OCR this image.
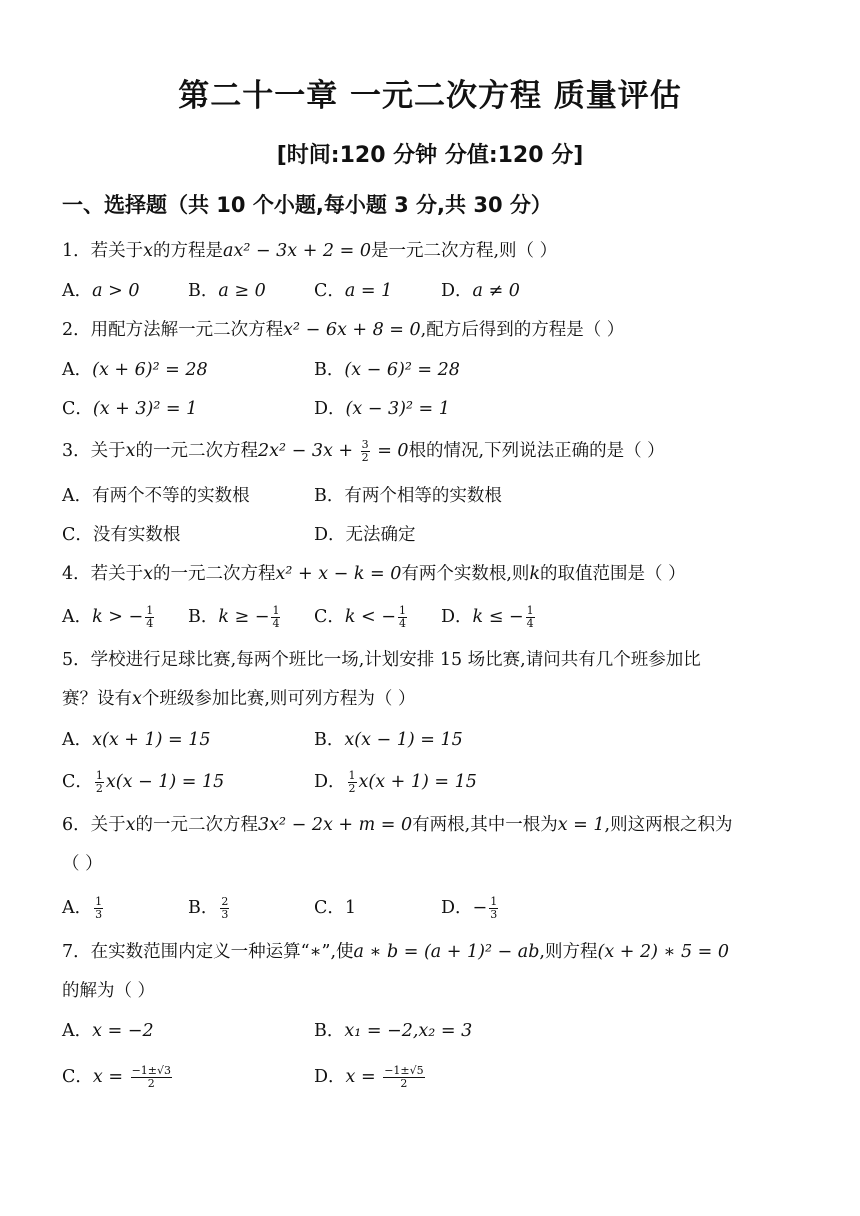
第二十一章 一元二次方程 质量评估
[时间:120 分钟 分值:120 分]
一、选择题（共 10 个小题,每小题 3 分,共 30 分）
1．若关于x的方程是ax² − 3x + 2 = 0是一元二次方程,则（ ）
A．a > 0	B．a ≥ 0	C．a = 1	D．a ≠ 0
2．用配方法解一元二次方程x² − 6x + 8 = 0,配方后得到的方程是（ ）
A．(x + 6)² = 28	B．(x − 6)² = 28
C．(x + 3)² = 1	D．(x − 3)² = 1
3．关于x的一元二次方程$2x^2 - 3x + \frac{3}{2} = 0$根的情况,下列说法正确的是（ ）
A．有两个不等的实数根	B．有两个相等的实数根
C．没有实数根	D．无法确定
4．若关于x的一元二次方程x² + x − k = 0有两个实数根,则k的取值范围是（ ）
A．k > − $\frac{1}{4}$ B．k ≥ − $\frac{1}{4}$ C．k < − $\frac{1}{4}$ D．k ≤ − $\frac{1}{4}$
5．学校进行足球比赛,每两个班比一场,计划安排 15 场比赛,请问共有几个班参加比
赛？设有x个班级参加比赛,则可列方程为（ ）
A．x(x + 1) = 15	B．x(x − 1) = 15
C． $\frac{1}{2} x(x - 1) = 15$	D． $\frac{1}{2} x(x + 1) = 15$
6．关于x的一元二次方程3x² − 2x + m = 0有两根,其中一根为x = 1,则这两根之积为
（ ）
A． $\frac{1}{3}$	B． $\frac{2}{3}$	C．1	D．− $\frac{1}{3}$
7．在实数范围内定义一种运算“∗”,使a ∗ b = (a + 1)² − ab,则方程(x + 2) ∗ 5 = 0
的解为（ ）
A．x = −2	B．x₁ = −2,x₂ = 3
C．$x = \frac{-1\pm√3}{2}$	D．$x = \frac{-1\pm√5}{2}$
